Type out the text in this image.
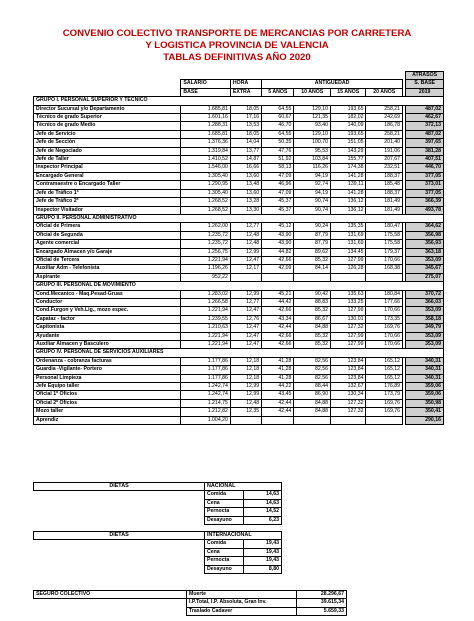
CONVENIO COLECTIVO TRANSPORTE DE MERCANCIAS POR CARRETERA
Y LOGISTICA PROVINCIA DE VALENCIA
TABLAS DEFINITIVAS AÑO 2020
								ATRASOS
	SALARIO	HORA	ANTIGÜEDAD					S. BASE
	BASE	EXTRA	5 AÑOS	10 AÑOS	15 AÑOS	20 AÑOS		2019
GRUPO I. PERSONAL SUPERIOR Y TECNICO								
Director Sucursal y/o Departamento	1.685,81	18,05	64,55	129,10	193,65	258,21		487,02
Técnico de grado Superior	1.601,16	17,16	60,67	121,35	182,02	242,69		462,67
Técnico de grado Medio	1.288,31	13,53	46,70	93,40	140,09	186,78		372,13
Jefe de Servicio	1.685,81	18,05	64,55	129,10	193,65	258,21		487,02
Jefe de Sección	1.376,36	14,04	50,35	100,70	151,05	201,40		397,65
Jefe de Negociado	1.319,84	13,77	47,76	95,53	143,29	191,06		381,28
Jefe de Taller	1.410,52	14,87	51,92	103,84	155,77	207,67		407,51
Inspector Principal	1.546,00	16,66	58,13	116,26	174,38	232,51		446,70
Encargado General	1.305,40	13,60	47,09	94,19	141,28	188,37		377,05
Contramaestre o Encargado Taller	1.290,95	13,48	46,96	92,74	139,11	185,48		373,01
Jefe de Tráfico 1ª	1.305,40	13,60	47,09	94,19	141,28	188,37		377,05
Jefe de Tráfico 2ª	1.268,52	13,28	45,37	90,74	136,12	181,49		366,39
Inspector Visitador	1.268,52	13,30	45,37	90,74	136,12	181,49		493,78
GRUPO II. PERSONAL ADMINISTRATIVO								
Oficial de Primera	1.262,00	12,77	45,12	90,24	135,35	180,47		364,62
Oficial de Segunda	1.235,72	12,48	43,90	87,79	131,69	175,58		356,98
Agente comercial	1.235,72	12,48	43,90	87,79	131,69	175,58		356,93
Encargado Almacen y/o Garaje	1.256,75	12,99	44,82	89,62	134,45	179,37		363,18
Oficial de Tercera	1.221,94	12,47	42,66	85,32	127,99	170,66		353,09
Auxiliar Adm - Telefonista	1.196,26	12,17	42,09	84,14	126,28	168,38		345,67
Aspirante	952,22							275,07
GRUPO III. PERSONAL DE MOVIMIENTO								
Cond.Mecanico - Maq.Pesad-Gruas	1.283,02	12,99	45,21	90,42	135,63	180,84		370,72
Conductor	1.266,58	12,77	44,42	88,83	133,25	177,66		366,03
Cond.Furgon y Veh.Lig., mozo espec.	1.221,94	12,47	42,66	85,32	127,99	170,66		353,09
Capataz - factor	1.239,55	12,76	43,34	86,67	130,01	173,35		358,18
Capitonista	1.210,63	12,47	42,44	84,88	127,32	169,76		349,79
Ayudante	1.221,94	12,47	42,66	85,32	127,99	170,66		353,09
Auxiliar Almacen y Basculero	1.221,94	12,47	42,66	85,32	127,99	170,66		353,09
GRUPO IV. PERSONAL DE SERVICIOS AUXILIARES								
Ordenanza - cobranza facturas	1.177,86	12,18	41,28	82,56	123,84	165,12		340,31
Guardia -Vigilante- Portero	1.177,86	12,18	41,28	82,56	123,84	165,12		340,31
Personal Limpieza	1.177,86	12,18	41,28	82,56	123,84	165,12		340,31
Jefe Equipo taller	1.242,74	12,99	44,22	88,44	132,67	176,89		359,06
Oficial 1º Oficios	1.242,74	12,99	43,45	86,90	130,34	173,79		359,06
Oficial 2º Oficios	1.214,75	12,48	42,44	84,88	127,32	169,76		350,98
Mozo taller	1.212,82	12,35	42,44	84,88	127,32	169,76		350,41
Aprendiz	1.004,20							290,16
DIETAS	NACIONAL	
	Comida	14,63
	Cena	14,63
	Pernocta	14,52
	Desayuno	6,23
DIETAS	INTERNACIONAL	
	Comida	19,43
	Cena	19,43
	Pernocta	19,43
	Desayuno	8,80
SEGURO COLECTIVO	Muerte	28.296,67
	I.P.Total, I.P. Absoluta, Gran Inv.	39.615,34
	Traslado Cadaver	5.659,33
